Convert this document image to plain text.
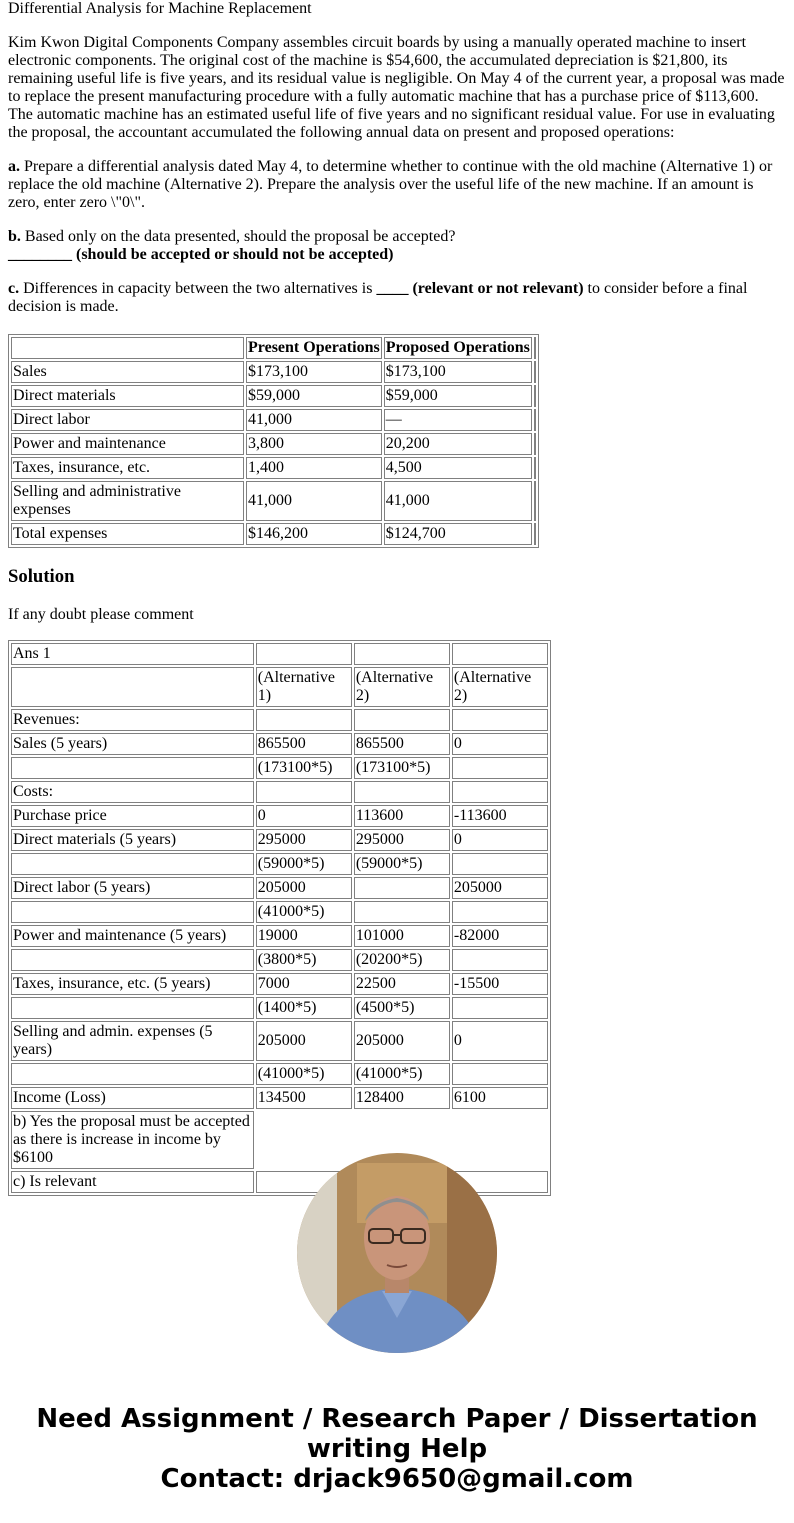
Differential Analysis for Machine Replacement

Kim Kwon Digital Components Company assembles circuit boards by using a manually operated machine to insert electronic components. The original cost of the machine is $54,600, the accumulated depreciation is $21,800, its remaining useful life is five years, and its residual value is negligible. On May 4 of the current year, a proposal was made to replace the present manufacturing procedure with a fully automatic machine that has a purchase price of $113,600. The automatic machine has an estimated useful life of five years and no significant residual value. For use in evaluating the proposal, the accountant accumulated the following annual data on present and proposed operations:

a. Prepare a differential analysis dated May 4, to determine whether to continue with the old machine (Alternative 1) or replace the old machine (Alternative 2). Prepare the analysis over the useful life of the new machine. If an amount is zero, enter zero \"0\".

b. Based only on the data presented, should the proposal be accepted?
________ (should be accepted or should not be accepted)

c. Differences in capacity between the two alternatives is ____ (relevant or not relevant) to consider before a final decision is made.

	Present Operations	Proposed Operations	
Sales	$173,100	$173,100	
Direct materials	$59,000	$59,000	
Direct labor	41,000	—	
Power and maintenance	3,800	20,200	
Taxes, insurance, etc.	1,400	4,500	
Selling and administrative expenses	41,000	41,000	
Total expenses	$146,200	$124,700	
Solution

If any doubt please comment

Ans 1			
	(Alternative 1)	(Alternative 2)	(Alternative 2)
Revenues:			
Sales (5 years)	865500	865500	0
	(173100*5)	(173100*5)	
Costs:			
Purchase price	0	113600	-113600
Direct materials (5 years)	295000	295000	0
	(59000*5)	(59000*5)	
Direct labor (5 years)	205000		205000
	(41000*5)		
Power and maintenance (5 years)	19000	101000	-82000
	(3800*5)	(20200*5)	
Taxes, insurance, etc. (5 years)	7000	22500	-15500
	(1400*5)	(4500*5)	
Selling and admin. expenses (5 years)	205000	205000	0
	(41000*5)	(41000*5)	
Income (Loss)	134500	128400	6100
b) Yes the proposal must be accepted as there is increase in income by $6100			
c) Is relevant			
Need Assignment / Research Paper / Dissertation
writing Help
Contact: drjack9650@gmail.com
